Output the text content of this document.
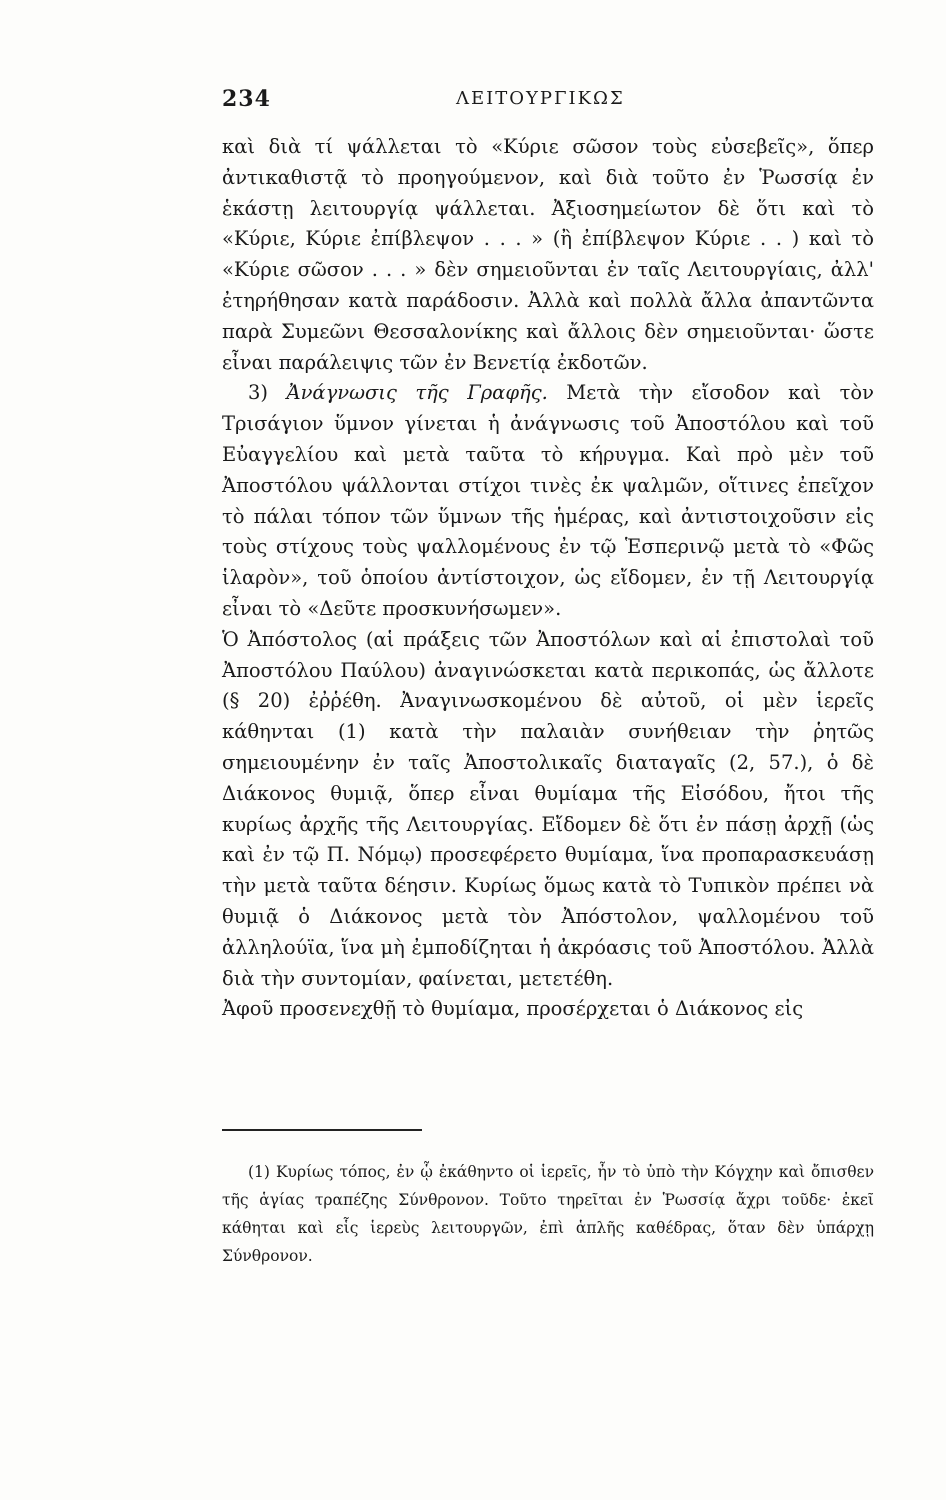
234	ΛΕΙΤΟΥΡΓΙΚΩΣ

καὶ διὰ τί ψάλλεται τὸ «Κύριε σῶσον τοὺς εὐσεβεῖς», ὅπερ ἀντικαθιστᾷ τὸ προηγούμενον, καὶ διὰ τοῦτο ἐν Ῥωσσίᾳ ἐν ἑκάστῃ λειτουργίᾳ ψάλλεται. Ἀξιοσημείωτον δὲ ὅτι καὶ τὸ «Κύριε, Κύριε ἐπίβλεψον . . . » (ἢ ἐπίβλεψον Κύριε . . ) καὶ τὸ «Κύριε σῶσον . . . » δὲν σημειοῦνται ἐν ταῖς Λειτουργίαις, ἀλλ' ἐτηρήθησαν κατὰ παράδοσιν. Ἀλλὰ καὶ πολλὰ ἄλλα ἀπαντῶντα παρὰ Συμεῶνι Θεσσαλονίκης καὶ ἄλλοις δὲν σημειοῦνται· ὥστε εἶναι παράλειψις τῶν ἐν Βενετίᾳ ἐκδοτῶν.

3) Ἀνάγνωσις τῆς Γραφῆς. Μετὰ τὴν εἴσοδον καὶ τὸν Τρισάγιον ὕμνον γίνεται ἡ ἀνάγνωσις τοῦ Ἀποστόλου καὶ τοῦ Εὐαγγελίου καὶ μετὰ ταῦτα τὸ κήρυγμα. Καὶ πρὸ μὲν τοῦ Ἀποστόλου ψάλλονται στίχοι τινὲς ἐκ ψαλμῶν, οἵτινες ἐπεῖχον τὸ πάλαι τόπον τῶν ὕμνων τῆς ἡμέρας, καὶ ἀντιστοιχοῦσιν εἰς τοὺς στίχους τοὺς ψαλλομένους ἐν τῷ Ἑσπερινῷ μετὰ τὸ «Φῶς ἱλαρὸν», τοῦ ὁποίου ἀντίστοιχον, ὡς εἴδομεν, ἐν τῇ Λειτουργίᾳ εἶναι τὸ «Δεῦτε προσκυνήσωμεν».

Ὁ Ἀπόστολος (αἱ πράξεις τῶν Ἀποστόλων καὶ αἱ ἐπιστολαὶ τοῦ Ἀποστόλου Παύλου) ἀναγινώσκεται κατὰ περικοπάς, ὡς ἄλλοτε (§ 20) ἐῤῥέθη. Ἀναγινωσκομένου δὲ αὐτοῦ, οἱ μὲν ἱερεῖς κάθηνται (1) κατὰ τὴν παλαιὰν συνήθειαν τὴν ῥητῶς σημειουμένην ἐν ταῖς Ἀποστολικαῖς διαταγαῖς (2, 57.), ὁ δὲ Διάκονος θυμιᾷ, ὅπερ εἶναι θυμίαμα τῆς Εἰσόδου, ἤτοι τῆς κυρίως ἀρχῆς τῆς Λειτουργίας. Εἴδομεν δὲ ὅτι ἐν πάσῃ ἀρχῇ (ὡς καὶ ἐν τῷ Π. Νόμῳ) προσεφέρετο θυμίαμα, ἵνα προπαρασκευάσῃ τὴν μετὰ ταῦτα δέησιν. Κυρίως ὅμως κατὰ τὸ Τυπικὸν πρέπει νὰ θυμιᾷ ὁ Διάκονος μετὰ τὸν Ἀπόστολον, ψαλλομένου τοῦ ἀλληλούϊα, ἵνα μὴ ἐμποδίζηται ἡ ἀκρόασις τοῦ Ἀποστόλου. Ἀλλὰ διὰ τὴν συντομίαν, φαίνεται, μετετέθη.

Ἀφοῦ προσενεχθῇ τὸ θυμίαμα, προσέρχεται ὁ Διάκονος εἰς

(1) Κυρίως τόπος, ἐν ᾧ ἐκάθηντο οἱ ἱερεῖς, ἦν τὸ ὑπὸ τὴν Κόγχην καὶ ὄπισθεν τῆς ἁγίας τραπέζης Σύνθρονον. Τοῦτο τηρεῖται ἐν Ῥωσσίᾳ ἄχρι τοῦδε· ἐκεῖ κάθηται καὶ εἷς ἱερεὺς λειτουργῶν, ἐπὶ ἁπλῆς καθέδρας, ὅταν δὲν ὑπάρχῃ Σύνθρονον.
